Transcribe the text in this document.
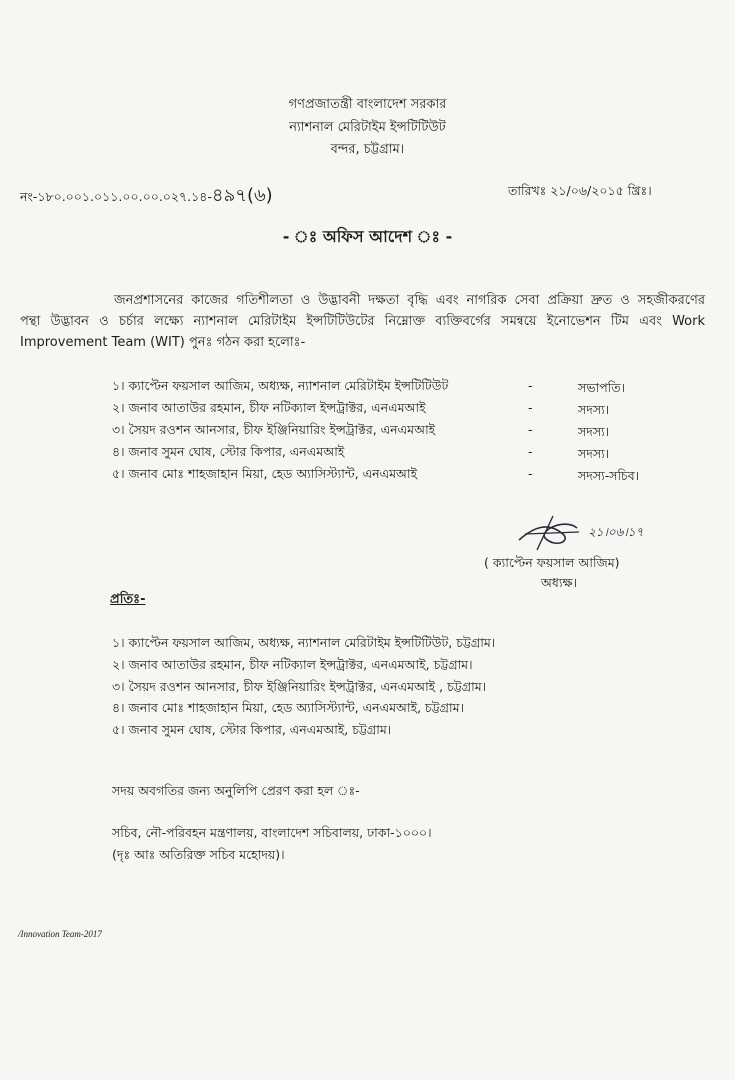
গণপ্রজাতন্ত্রী বাংলাদেশ সরকার
ন্যাশনাল মেরিটাইম ইন্সটিটিউট
বন্দর, চট্টগ্রাম।
নং-১৮০.০০১.০১১.০০.০০.০২৭.১৪-৪৯৭(৬)	তারিখঃ ২১/০৬/২০১৫ খ্রিঃ।
- ঃ অফিস আদেশ ঃ -
জনপ্রশাসনের কাজের গতিশীলতা ও উদ্ভাবনী দক্ষতা বৃদ্ধি এবং নাগরিক সেবা প্রক্রিয়া দ্রুত ও সহজীকরণের
পন্থা উদ্ভাবন ও চর্চার লক্ষ্যে ন্যাশনাল মেরিটাইম ইন্সটিটিউটের নিম্নোক্ত ব্যক্তিবর্গের সমন্বয়ে ইনোভেশন টিম এবং Work
Improvement Team (WIT) পুনঃ গঠন করা হলোঃ-
১। ক্যাপ্টেন ফয়সাল আজিম, অধ্যক্ষ, ন্যাশনাল মেরিটাইম ইন্সটিটিউট	-	সভাপতি।
২। জনাব আতাউর রহমান, চীফ নটিক্যাল ইন্সট্রাক্টর, এনএমআই	-	সদস্য।
৩। সৈয়দ রওশন আনসার, চীফ ইঞ্জিনিয়ারিং ইন্সট্রাক্টর, এনএমআই	-	সদস্য।
৪। জনাব সুমন ঘোষ, স্টোর কিপার, এনএমআই	-	সদস্য।
৫। জনাব মোঃ শাহজাহান মিয়া, হেড অ্যাসিস্ট্যান্ট, এনএমআই	-	সদস্য-সচিব।
২১।০৬।১৭
( ক্যাপ্টেন ফয়সাল আজিম)
অধ্যক্ষ।
প্রতিঃ-
১। ক্যাপ্টেন ফয়সাল আজিম, অধ্যক্ষ, ন্যাশনাল মেরিটাইম ইন্সটিটিউট, চট্টগ্রাম।
২। জনাব আতাউর রহমান, চীফ নটিক্যাল ইন্সট্রাক্টর, এনএমআই, চট্টগ্রাম।
৩। সৈয়দ রওশন আনসার, চীফ ইঞ্জিনিয়ারিং ইন্সট্রাক্টর, এনএমআই , চট্টগ্রাম।
৪। জনাব মোঃ শাহজাহান মিয়া, হেড অ্যাসিস্ট্যান্ট, এনএমআই, চট্টগ্রাম।
৫। জনাব সুমন ঘোষ, স্টোর কিপার, এনএমআই, চট্টগ্রাম।
সদয় অবগতির জন্য অনুলিপি প্রেরণ করা হল ঃ-
সচিব, নৌ-পরিবহন মন্ত্রণালয়, বাংলাদেশ সচিবালয়, ঢাকা-১০০০।
(দৃঃ আঃ অতিরিক্ত সচিব মহোদয়)।
/Innovation Team-2017
